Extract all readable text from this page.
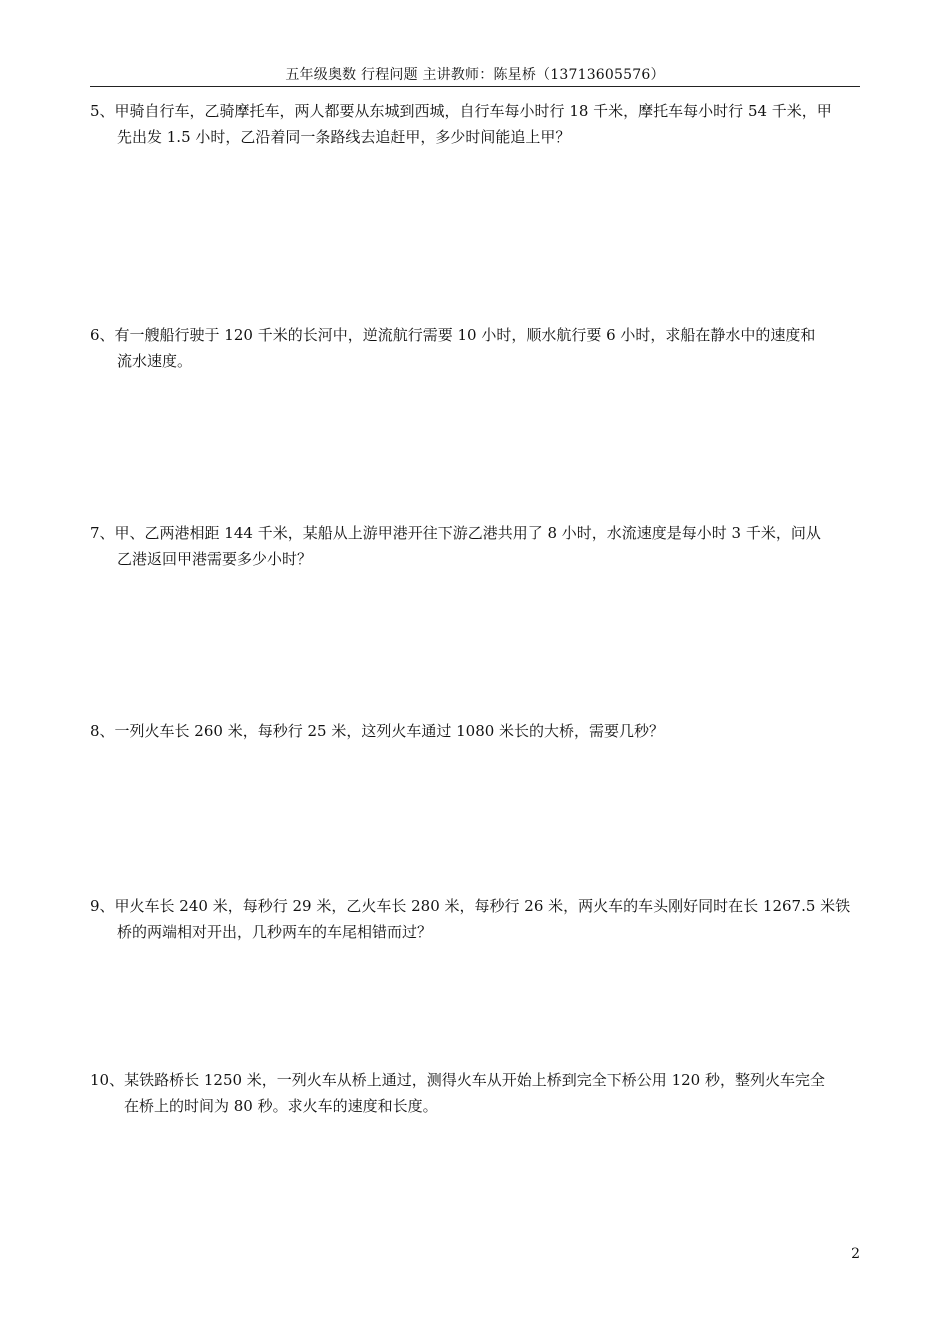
五年级奥数 行程问题 主讲教师：陈星桥（13713605576）
5、甲骑自行车，乙骑摩托车，两人都要从东城到西城，自行车每小时行 18 千米，摩托车每小时行 54 千米，甲
先出发 1.5 小时，乙沿着同一条路线去追赶甲，多少时间能追上甲？
6、有一艘船行驶于 120 千米的长河中，逆流航行需要 10 小时，顺水航行要 6 小时，求船在静水中的速度和
流水速度。
7、甲、乙两港相距 144 千米，某船从上游甲港开往下游乙港共用了 8 小时，水流速度是每小时 3 千米，问从
乙港返回甲港需要多少小时？
8、一列火车长 260 米，每秒行 25 米，这列火车通过 1080 米长的大桥，需要几秒？
9、甲火车长 240 米，每秒行 29 米，乙火车长 280 米，每秒行 26 米，两火车的车头刚好同时在长 1267.5 米铁
桥的两端相对开出，几秒两车的车尾相错而过？
10、某铁路桥长 1250 米，一列火车从桥上通过，测得火车从开始上桥到完全下桥公用 120 秒，整列火车完全
在桥上的时间为 80 秒。求火车的速度和长度。
2
